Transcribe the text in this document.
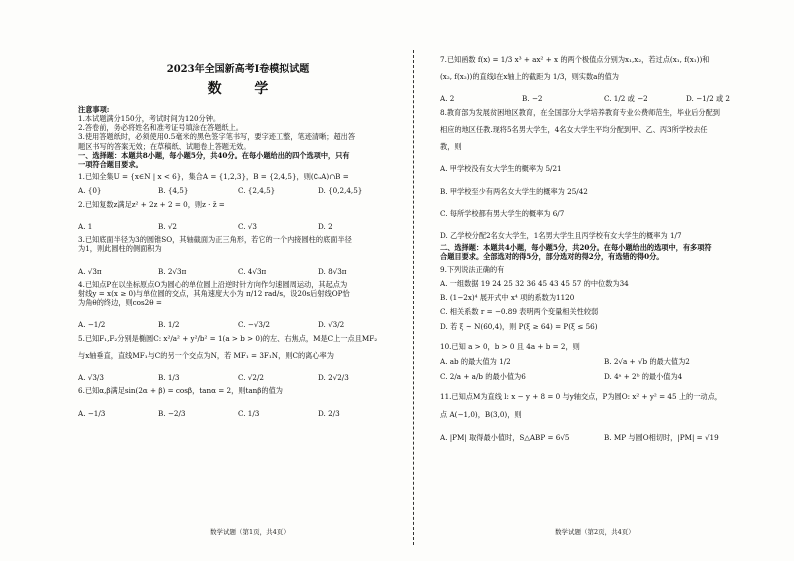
2023年全国新高考Ⅰ卷模拟试题
数 学
注意事项:
1.本试题满分150分，考试时间为120分钟。
2.答卷前，务必将姓名和准考证号填涂在答题纸上。
3.使用答题纸时，必须使用0.5毫米的黑色签字笔书写，要字迹工整，笔迹清晰；超出答
题区书写的答案无效；在草稿纸、试题卷上答题无效。
一、选择题：本题共8小题，每小题5分，共40分。在每小题给出的四个选项中，只有
一项符合题目要求。
1.已知全集U = {x∈N | x < 6}，集合A = {1,2,3}，B = {2,4,5}，则(∁ᵤA)∩B =
A. {0}	B. {4,5}	C. {2,4,5}	D. {0,2,4,5}
2.已知复数z满足z² + 2z + 2 = 0，则z · z̄ =
A. 1	B. √2	C. √3	D. 2
3.已知底面半径为3的圆锥SO，其轴截面为正三角形，若它的一个内接圆柱的底面半径
为1，则此圆柱的侧面积为
A. √3π	B. 2√3π	C. 4√3π	D. 8√3π
4.已知点P在以坐标原点O为圆心的单位圆上沿逆时针方向作匀速圆周运动，其起点为
射线y = x(x ≥ 0)与单位圆的交点，其角速度大小为 π/12 rad/s，设20s后射线OP恰
为角θ的终边，则cos2θ =
A. −1/2	B. 1/2	C. −√3/2	D. √3/2
5.已知F₁,F₂分别是椭圆C: x²/a² + y²/b² = 1(a > b > 0)的左、右焦点，M是C上一点且MF₂
与x轴垂直，直线MF₁与C的另一个交点为N，若 MF₁ = 3F₁N，则C的离心率为
A. √3/3	B. 1/3	C. √2/2	D. 2√2/3
6.已知α,β满足sin(2α + β) = cosβ，tanα = 2，则tanβ的值为
A. −1/3	B. −2/3	C. 1/3	D. 2/3
7.已知函数 f(x) = 1/3 x³ + ax² + x 的两个极值点分别为x₁,x₂，若过点(x₁, f(x₁))和
(x₂, f(x₂))的直线l在x轴上的截距为 1/3，则实数a的值为
A. 2	B. −2	C. 1/2 或 −2	D. −1/2 或 2
8.教育部为发展贫困地区教育，在全国部分大学培养教育专业公费师范生，毕业后分配到
相应的地区任教.现将5名男大学生，4名女大学生平均分配到甲、乙、丙3所学校去任
教，则
A. 甲学校没有女大学生的概率为 5/21
B. 甲学校至少有两名女大学生的概率为 25/42
C. 每所学校都有男大学生的概率为 6/7
D. 乙学校分配2名女大学生，1名男大学生且丙学校有女大学生的概率为 1/7
二、选择题：本题共4小题，每小题5分，共20分。在每小题给出的选项中，有多项符
合题目要求。全部选对的得5分，部分选对的得2分，有选错的得0分。
9.下列说法正确的有
A. 一组数据 19 24 25 32 36 45 43 45 57 的中位数为34
B. (1−2x)⁴ 展开式中 x⁴ 项的系数为1120
C. 相关系数 r = −0.89 表明两个变量相关性较弱
D. 若 ξ ~ N(60,4)，则 P(ξ ≥ 64) = P(ξ ≤ 56)
10.已知 a > 0，b > 0 且 4a + b = 2，则
A. ab 的最大值为 1/2	B. 2√a + √b 的最大值为2
C. 2/a + a/b 的最小值为6	D. 4ᵃ + 2ᵇ 的最小值为4
11.已知点M为直线 l: x − y + 8 = 0 与y轴交点，P为圆O: x² + y² = 45 上的一动点，
点 A(−1,0)，B(3,0)，则
A. |PM| 取得最小值时，S△ABP = 6√5	B. MP 与圆O相切时，|PM| = √19
数学试题（第1页，共4页）	数学试题（第2页，共4页）
